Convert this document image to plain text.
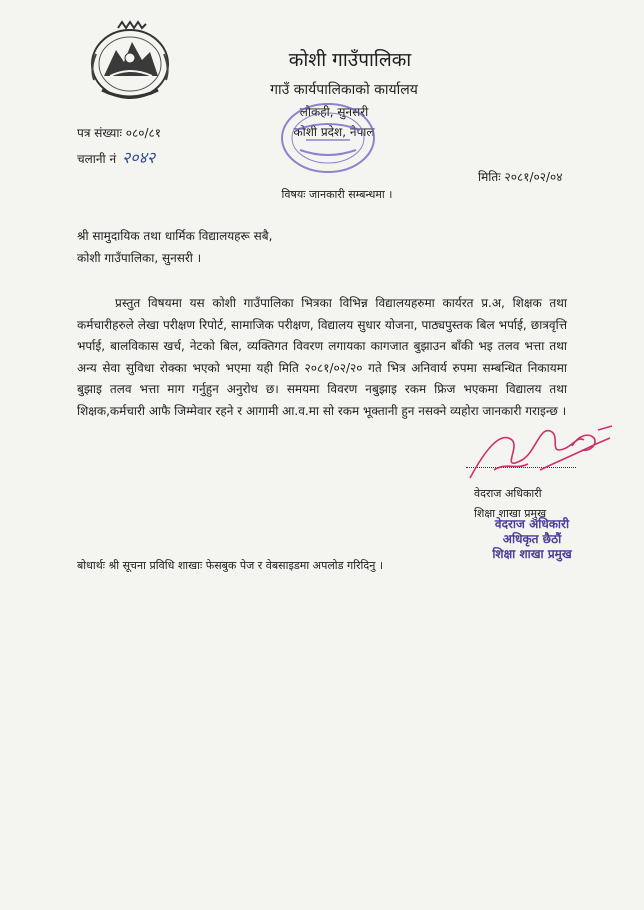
कोशी गाउँपालिका
गाउँ कार्यपालिकाको कार्यालय
लौकही, सुनसरी
कोशी प्रदेश, नेपाल
पत्र संख्याः ०८०/८१
चलानी नं २०४२
मितिः २०८१/०२/०४
विषयः जानकारी सम्बन्धमा ।
श्री सामुदायिक तथा धार्मिक विद्यालयहरू सबै,
कोशी गाउँपालिका, सुनसरी ।
प्रस्तुत विषयमा यस कोशी गाउँपालिका भित्रका विभिन्न विद्यालयहरुमा कार्यरत प्र.अ, शिक्षक तथा कर्मचारीहरुले लेखा परीक्षण रिपोर्ट, सामाजिक परीक्षण, विद्यालय सुधार योजना, पाठ्यपुस्तक बिल भर्पाई, छात्रवृत्ति भर्पाई, बालविकास खर्च, नेटको बिल, व्यक्तिगत विवरण लगायका कागजात बुझाउन बाँकी भइ तलव भत्ता तथा अन्य सेवा सुविधा रोक्का भएको भएमा यही मिति २०८१/०२/२० गते भित्र अनिवार्य रुपमा सम्बन्धित निकायमा बुझाइ तलव भत्ता माग गर्नुहुन अनुरोध छ। समयमा विवरण नबुझाइ रकम फ्रिज भएकमा विद्यालय तथा शिक्षक,कर्मचारी आफै जिम्मेवार रहने र आगामी आ.व.मा सो रकम भूक्तानी हुन नसक्ने व्यहोरा जानकारी गराइन्छ ।
वेदराज अधिकारी
शिक्षा शाखा प्रमुख
वेदराज अधिकारी
अधिकृत छैठौं
शिक्षा शाखा प्रमुख
बोधार्थः श्री सूचना प्रविधि शाखाः फेसबुक पेज र वेबसाइडमा अपलोड गरिदिनु ।
